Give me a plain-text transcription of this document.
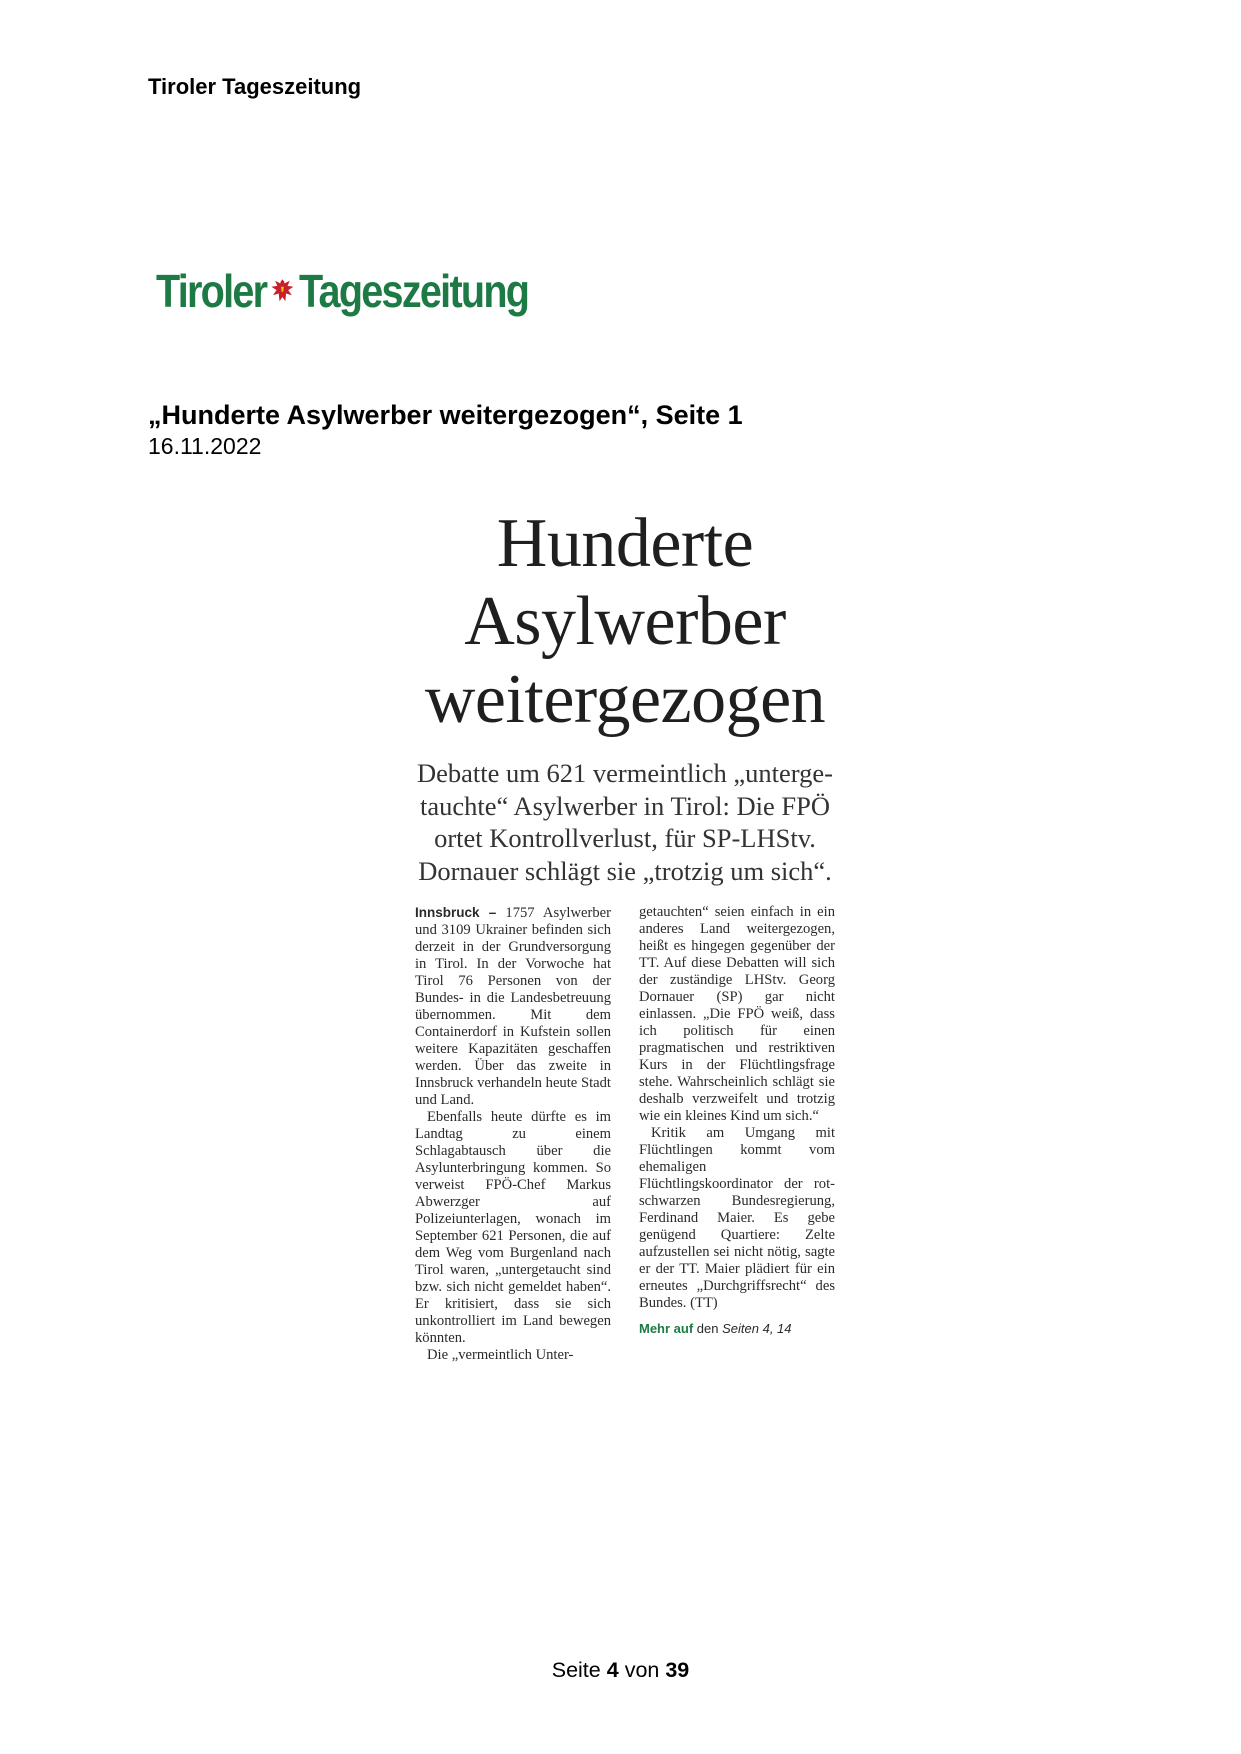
Tiroler Tageszeitung
Tiroler Tageszeitung
„Hunderte Asylwerber weitergezogen“, Seite 1
16.11.2022
Hunderte
Asylwerber
weitergezogen
Debatte um 621 vermeintlich „unterge-
tauchte“ Asylwerber in Tirol: Die FPÖ
ortet Kontrollverlust, für SP-LHStv.
Dornauer schlägt sie „trotzig um sich“.

Innsbruck – 1757 Asylwerber und 3109 Ukrainer befinden sich derzeit in der Grundversorgung in Tirol. In der Vorwoche hat Tirol 76 Personen von der Bundes- in die Landesbetreuung übernommen. Mit dem Containerdorf in Kufstein sollen weitere Kapazitäten geschaffen werden. Über das zweite in Innsbruck verhandeln heute Stadt und Land.

Ebenfalls heute dürfte es im Landtag zu einem Schlagabtausch über die Asylunterbringung kommen. So verweist FPÖ-Chef Markus Abwerzger auf Polizeiunterlagen, wonach im September 621 Personen, die auf dem Weg vom Burgenland nach Tirol waren, „untergetaucht sind bzw. sich nicht gemeldet haben“. Er kritisiert, dass sie sich unkontrolliert im Land bewegen könnten.

Die „vermeintlich Unter-

getauchten“ seien einfach in ein anderes Land weitergezogen, heißt es hingegen gegenüber der TT. Auf diese Debatten will sich der zuständige LHStv. Georg Dornauer (SP) gar nicht einlassen. „Die FPÖ weiß, dass ich politisch für einen pragmatischen und restriktiven Kurs in der Flüchtlingsfrage stehe. Wahrscheinlich schlägt sie deshalb verzweifelt und trotzig wie ein kleines Kind um sich.“

Kritik am Umgang mit Flüchtlingen kommt vom ehemaligen Flüchtlingskoordinator der rot-schwarzen Bundesregierung, Ferdinand Maier. Es gebe genügend Quartiere: Zelte aufzustellen sei nicht nötig, sagte er der TT. Maier plädiert für ein erneutes „Durchgriffsrecht“ des Bundes. (TT)

Mehr auf den Seiten 4, 14
Seite 4 von 39
